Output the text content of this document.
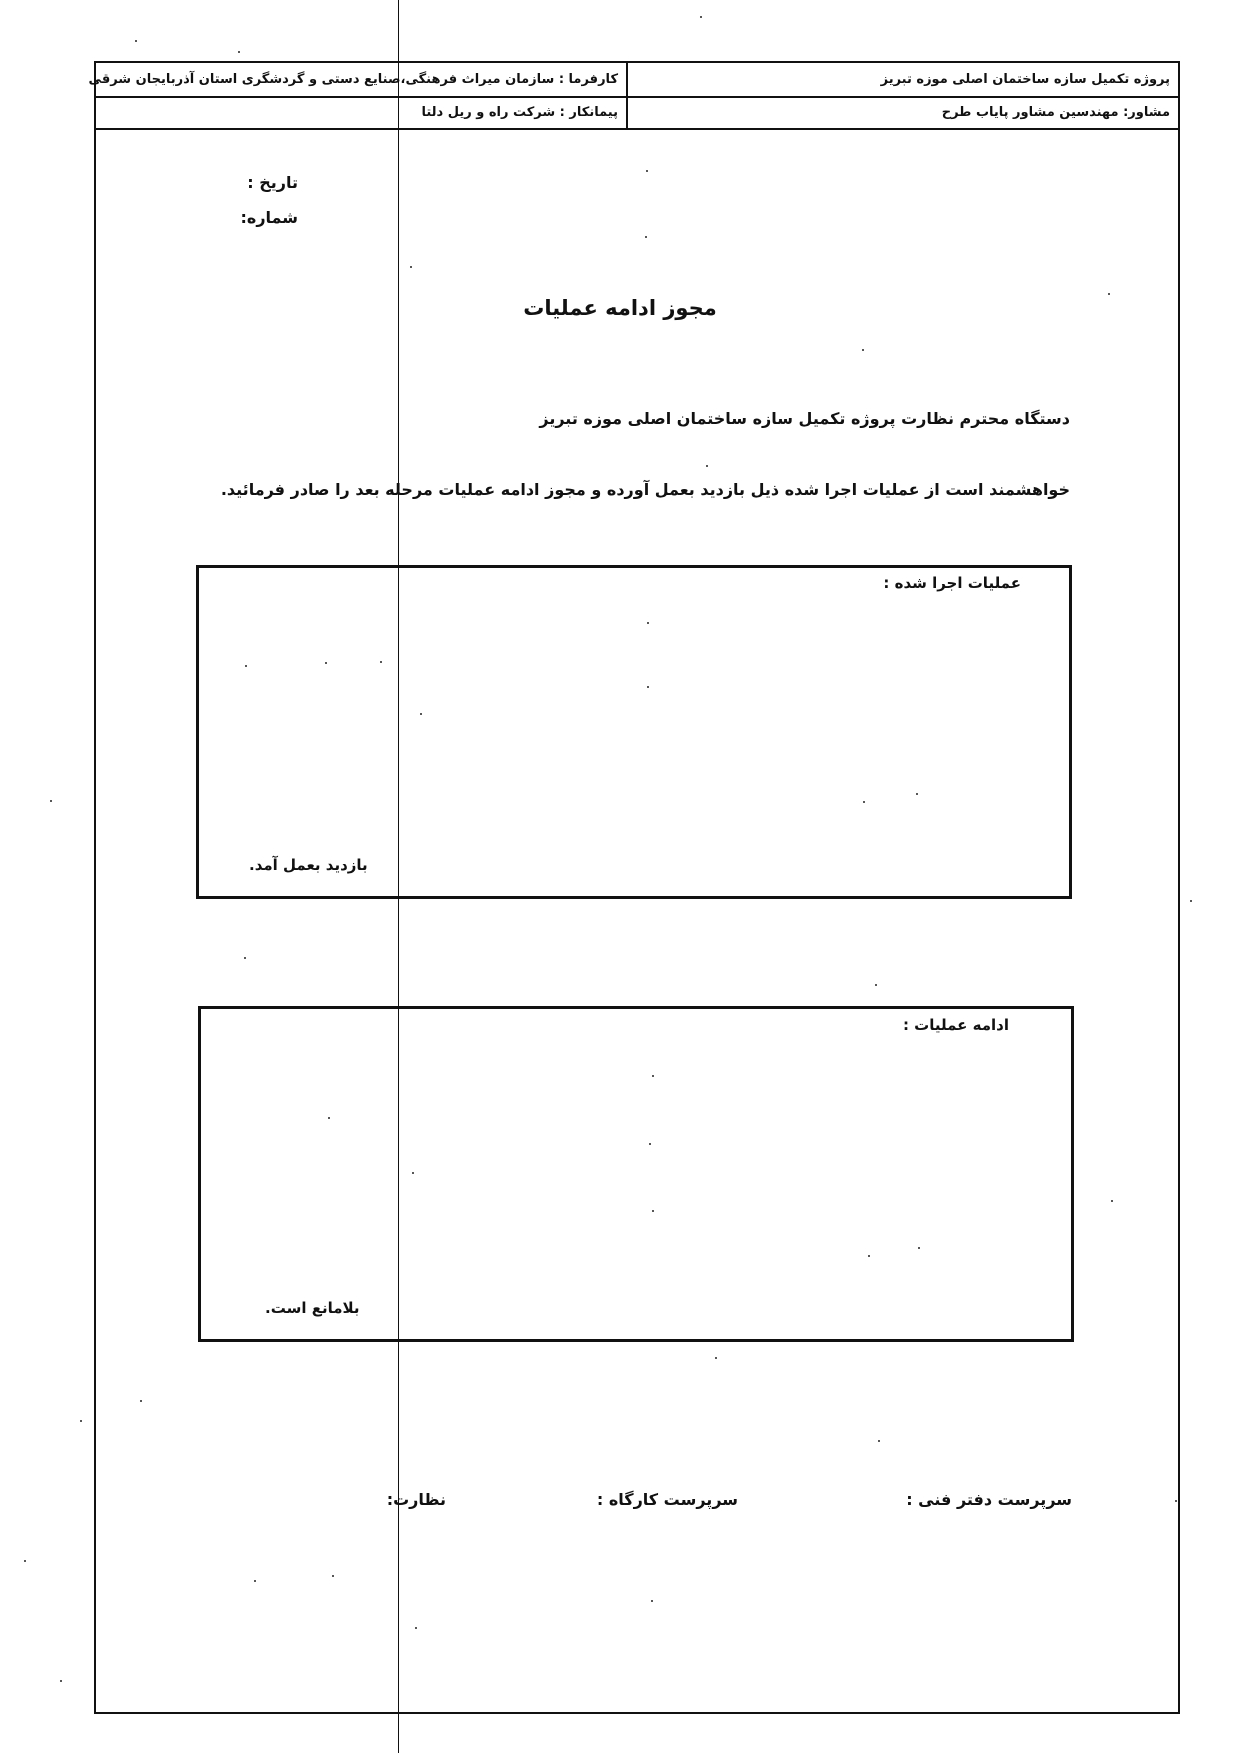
پروژه تکمیل سازه ساختمان اصلی موزه تبریز
کارفرما : سازمان میراث فرهنگی،صنایع دستی و گردشگری استان آذربایجان شرقی
مشاور: مهندسین مشاور پایاب طرح
پیمانکار : شرکت راه و ریل دلتا
تاریخ :
شماره:
مجوز ادامه عملیات
دستگاه محترم نظارت پروژه تکمیل سازه ساختمان اصلی موزه تبریز
خواهشمند است از عملیات اجرا شده ذیل بازدید بعمل آورده و مجوز ادامه عملیات مرحله بعد را صادر فرمائید.
عملیات اجرا شده :
بازدید بعمل آمد.
ادامه عملیات :
بلامانع است.
سرپرست دفتر فنی :
سرپرست کارگاه :
نظارت:
